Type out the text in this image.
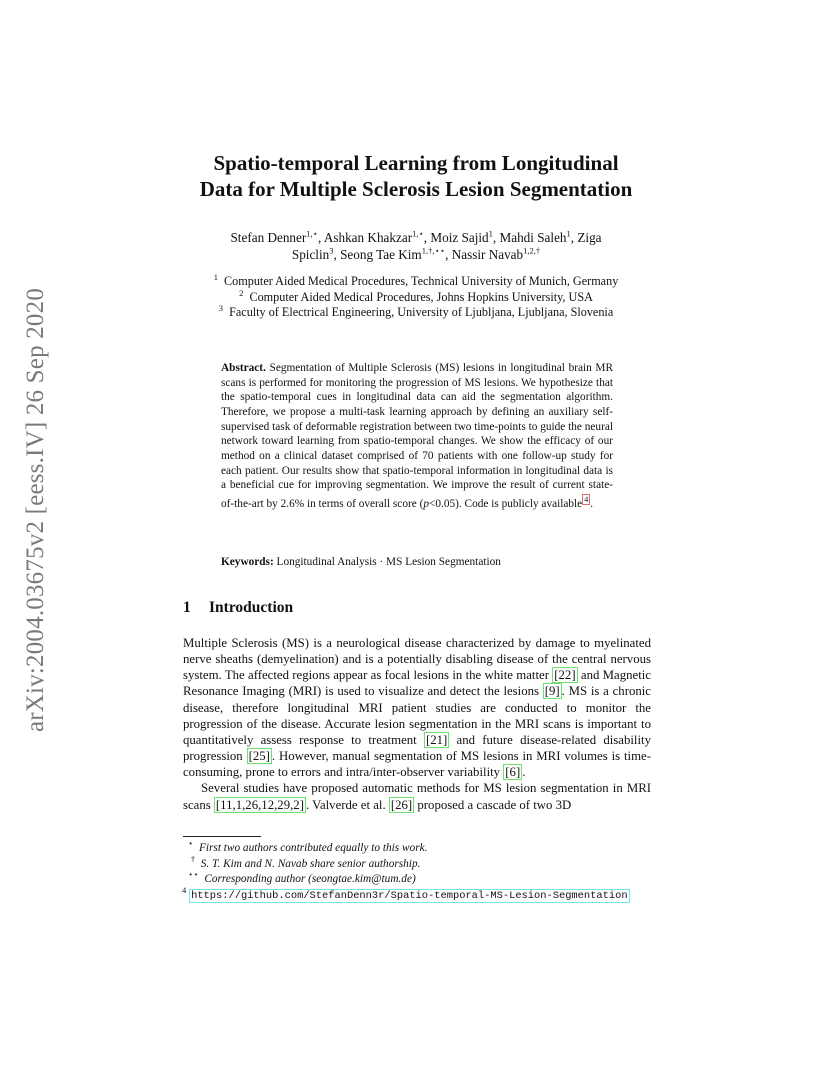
arXiv:2004.03675v2 [eess.IV] 26 Sep 2020
Spatio-temporal Learning from Longitudinal
Data for Multiple Sclerosis Lesion Segmentation
Stefan Denner$^{1,⋆}$, Ashkan Khakzar$^{1,⋆}$, Moiz Sajid$^1$, Mahdi Saleh$^1$, Ziga
Spiclin$^3$, Seong Tae Kim$^{1,\dagger,⋆⋆}$, Nassir Navab$^{1,2,\dagger}$
$^1$ Computer Aided Medical Procedures, Technical University of Munich, Germany
$^2$ Computer Aided Medical Procedures, Johns Hopkins University, USA
$^3$ Faculty of Electrical Engineering, University of Ljubljana, Ljubljana, Slovenia
Abstract. Segmentation of Multiple Sclerosis (MS) lesions in longitudinal brain MR scans is performed for monitoring the progression of MS lesions. We hypothesize that the spatio-temporal cues in longitudinal data can aid the segmentation algorithm. Therefore, we propose a multi-task learning approach by defining an auxiliary self-supervised task of deformable registration between two time-points to guide the neural network toward learning from spatio-temporal changes. We show the efficacy of our method on a clinical dataset comprised of 70 patients with one follow-up study for each patient. Our results show that spatio-temporal information in longitudinal data is a beneficial cue for improving segmentation. We improve the result of current state-of-the-art by 2.6% in terms of overall score (p<0.05). Code is publicly available $^4$ .
Keywords: Longitudinal Analysis · MS Lesion Segmentation
1 Introduction

Multiple Sclerosis (MS) is a neurological disease characterized by damage to myelinated nerve sheaths (demyelination) and is a potentially disabling disease of the central nervous system. The affected regions appear as focal lesions in the white matter [22] and Magnetic Resonance Imaging (MRI) is used to visualize and detect the lesions [9] . MS is a chronic disease, therefore longitudinal MRI patient studies are conducted to monitor the progression of the disease. Accurate lesion segmentation in the MRI scans is important to quantitatively assess response to treatment [21] and future disease-related disability progression [25] . However, manual segmentation of MS lesions in MRI volumes is time-consuming, prone to errors and intra/inter-observer variability [6] .

Several studies have proposed automatic methods for MS lesion segmentation in MRI scans [11,1,26,12,29,2] . Valverde et al. [26] proposed a cascade of two 3D

⋆ First two authors contributed equally to this work.
† S. T. Kim and N. Navab share senior authorship.
⋆⋆ Corresponding author (seongtae.kim@tum.de)
$^4$ https://github.com/StefanDenn3r/Spatio-temporal-MS-Lesion-Segmentation
